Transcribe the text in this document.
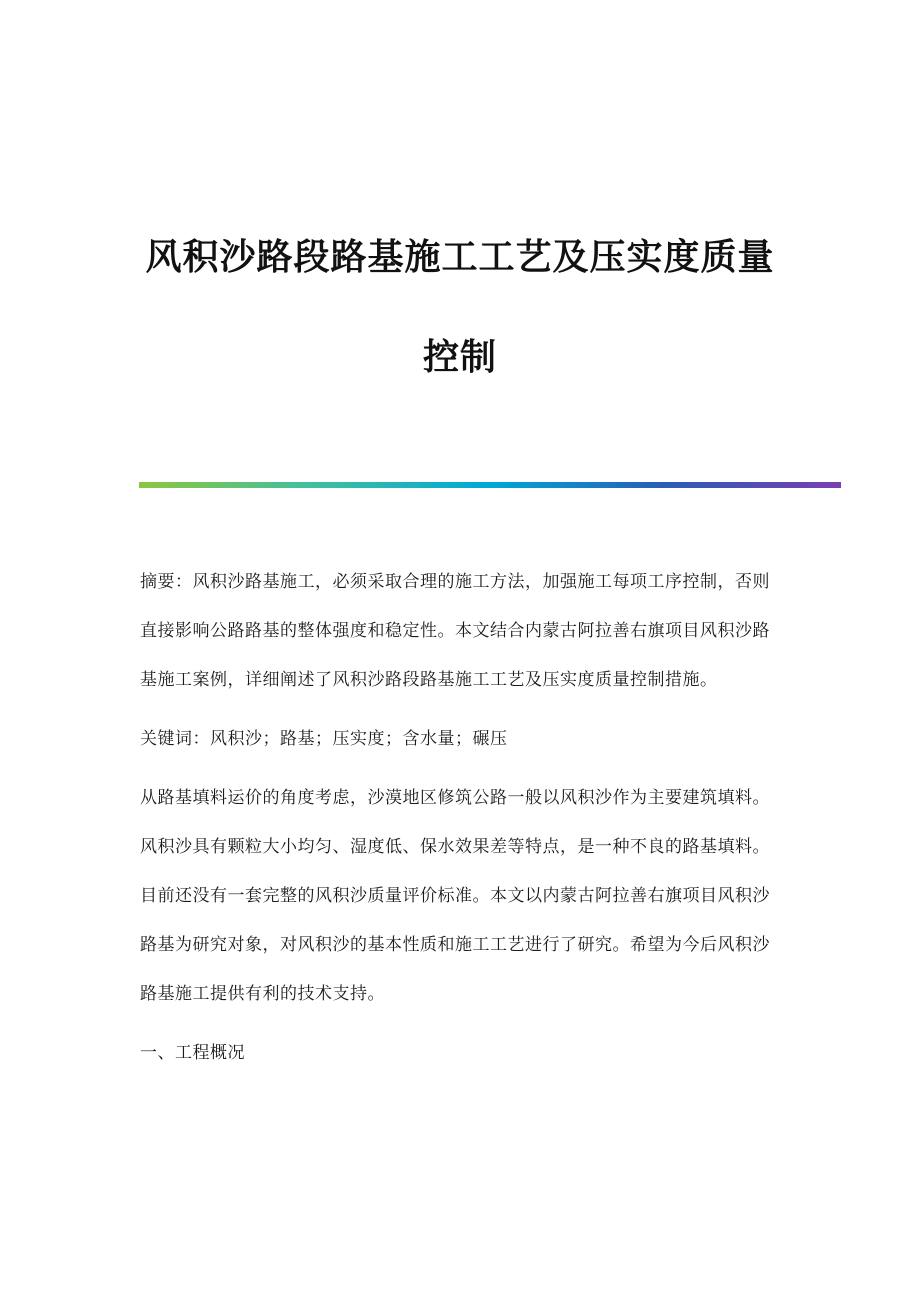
风积沙路段路基施工工艺及压实度质量
控制

摘要：风积沙路基施工，必须采取合理的施工方法，加强施工每项工序控制，否则直接影响公路路基的整体强度和稳定性。本文结合内蒙古阿拉善右旗项目风积沙路基施工案例，详细阐述了风积沙路段路基施工工艺及压实度质量控制措施。

关键词：风积沙；路基；压实度；含水量；碾压

从路基填料运价的角度考虑，沙漠地区修筑公路一般以风积沙作为主要建筑填料。风积沙具有颗粒大小均匀、湿度低、保水效果差等特点，是一种不良的路基填料。目前还没有一套完整的风积沙质量评价标准。本文以内蒙古阿拉善右旗项目风积沙路基为研究对象，对风积沙的基本性质和施工工艺进行了研究。希望为今后风积沙路基施工提供有利的技术支持。

一、工程概况
